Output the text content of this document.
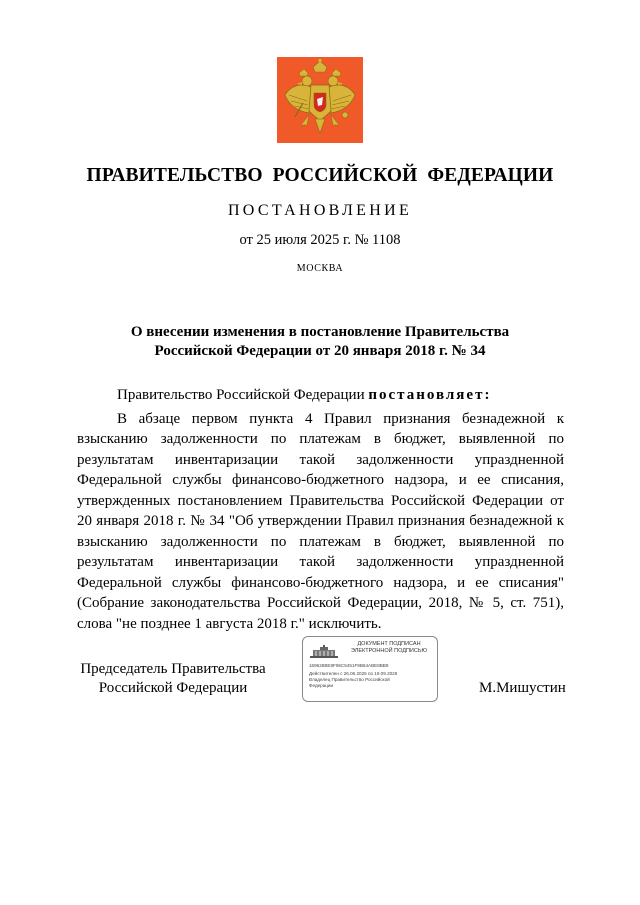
ПРАВИТЕЛЬСТВО РОССИЙСКОЙ ФЕДЕРАЦИИ
ПОСТАНОВЛЕНИЕ
от 25 июля 2025 г. № 1108
МОСКВА
О внесении изменения в постановление Правительства
Российской Федерации от 20 января 2018 г. № 34

Правительство Российской Федерации постановляет:

В абзаце первом пункта 4 Правил признания безнадежной к взысканию задолженности по платежам в бюджет, выявленной по результатам инвентаризации такой задолженности упраздненной Федеральной службы финансово-бюджетного надзора, и ее списания, утвержденных постановлением Правительства Российской Федерации от 20 января 2018 г. № 34 "Об утверждении Правил признания безнадежной к взысканию задолженности по платежам в бюджет, выявленной по результатам инвентаризации такой задолженности упраздненной Федеральной службы финансово-бюджетного надзора, и ее списания" (Собрание законодательства Российской Федерации, 2018, № 5, ст. 751), слова "не позднее 1 августа 2018 г." исключить.

Председатель Правительства
Российской Федерации
ДОКУМЕНТ ПОДПИСАН
ЭЛЕКТРОННОЙ ПОДПИСЬЮ
169626BE8F95C5451F9B64ABE8BB9
Действителен с 26.06.2025 по 19.09.2026
Владелец Правительство Российской
Федерации	М.Мишустин
